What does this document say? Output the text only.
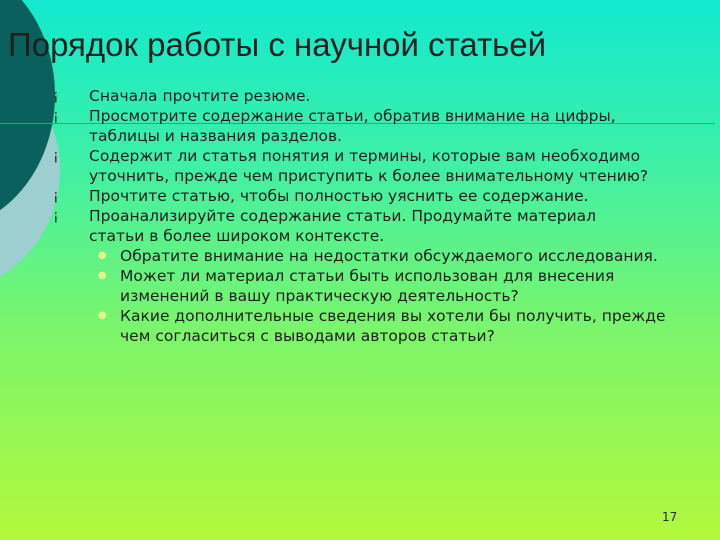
Порядок работы с научной статьей
¡ Сначала прочтите резюме.
¡ Просмотрите содержание статьи, обратив внимание на цифры, таблицы и названия разделов.
¡ Содержит ли статья понятия и термины, которые вам необходимо уточнить, прежде чем приступить к более внимательному чтению?
¡ Прочтите статью, чтобы полностью уяснить ее содержание.
¡ Проанализируйте содержание статьи. Продумайте материал статьи в более широком контексте.
● Обратите внимание на недостатки обсуждаемого исследования.
● Может ли материал статьи быть использован для внесения изменений в вашу практическую деятельность?
● Какие дополнительные сведения вы хотели бы получить, прежде чем согласиться с выводами авторов статьи?
17
